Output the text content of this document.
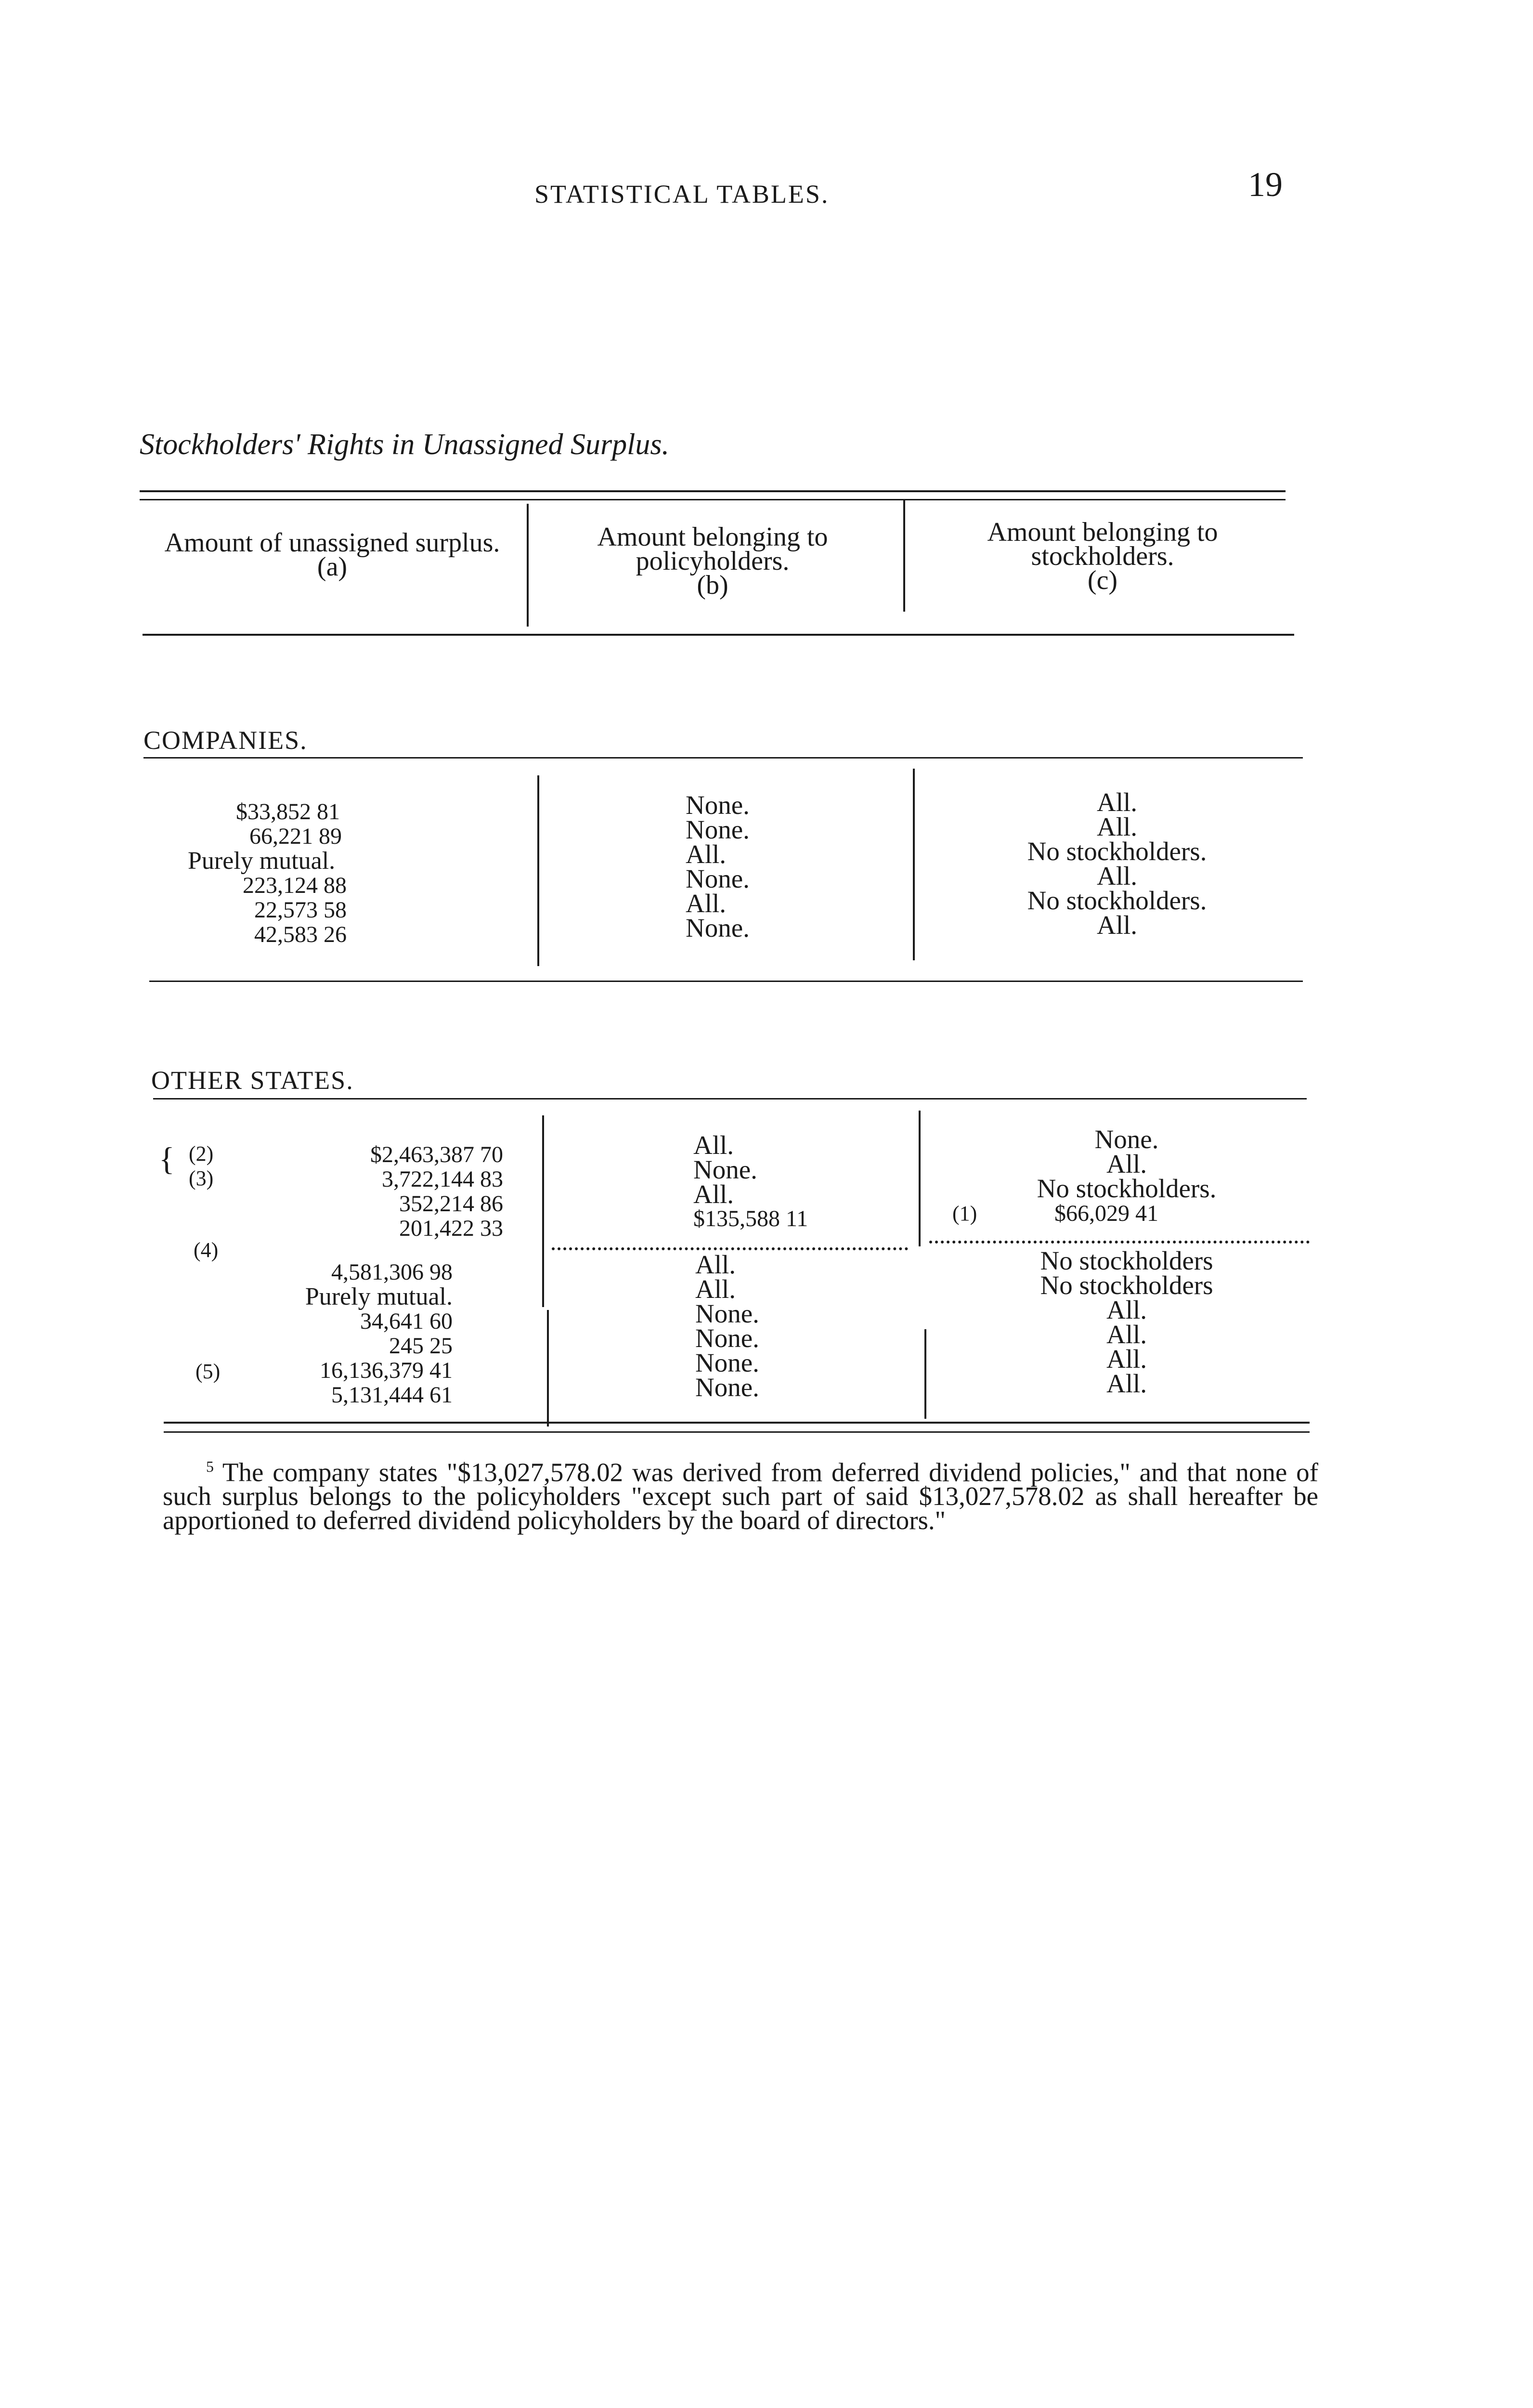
STATISTICAL TABLES.	19
Stockholders' Rights in Unassigned Surplus.
Amount of unassigned surplus.
(a)
Amount belonging to policyholders.
(b)
Amount belonging to stockholders.
(c)
COMPANIES.
$33,852 81
66,221 89
Purely mutual.
223,124 88
22,573 58
42,583 26
None.
None.
All.
None.
All.
None.
All.
All.
No stockholders.
All.
No stockholders.
All.
OTHER STATES.
{ (2)
(3)
$2,463,387 70
3,722,144 83
352,214 86
201,422 33
All.
None.
All.
$135,588 11
None.
All.
No stockholders.
(1)	$66,029 41
(4)
(5)
4,581,306 98
Purely mutual.
34,641 60
245 25
16,136,379 41
5,131,444 61
All.
All.
None.
None.
None.
None.
No stockholders
No stockholders
All.
All.
All.
All.
$^5$ The company states "$13,027,578.02 was derived from deferred dividend policies," and that none of such surplus belongs to the policyholders "except such part of said $13,027,578.02 as shall hereafter be apportioned to deferred dividend policyholders by the board of directors."
